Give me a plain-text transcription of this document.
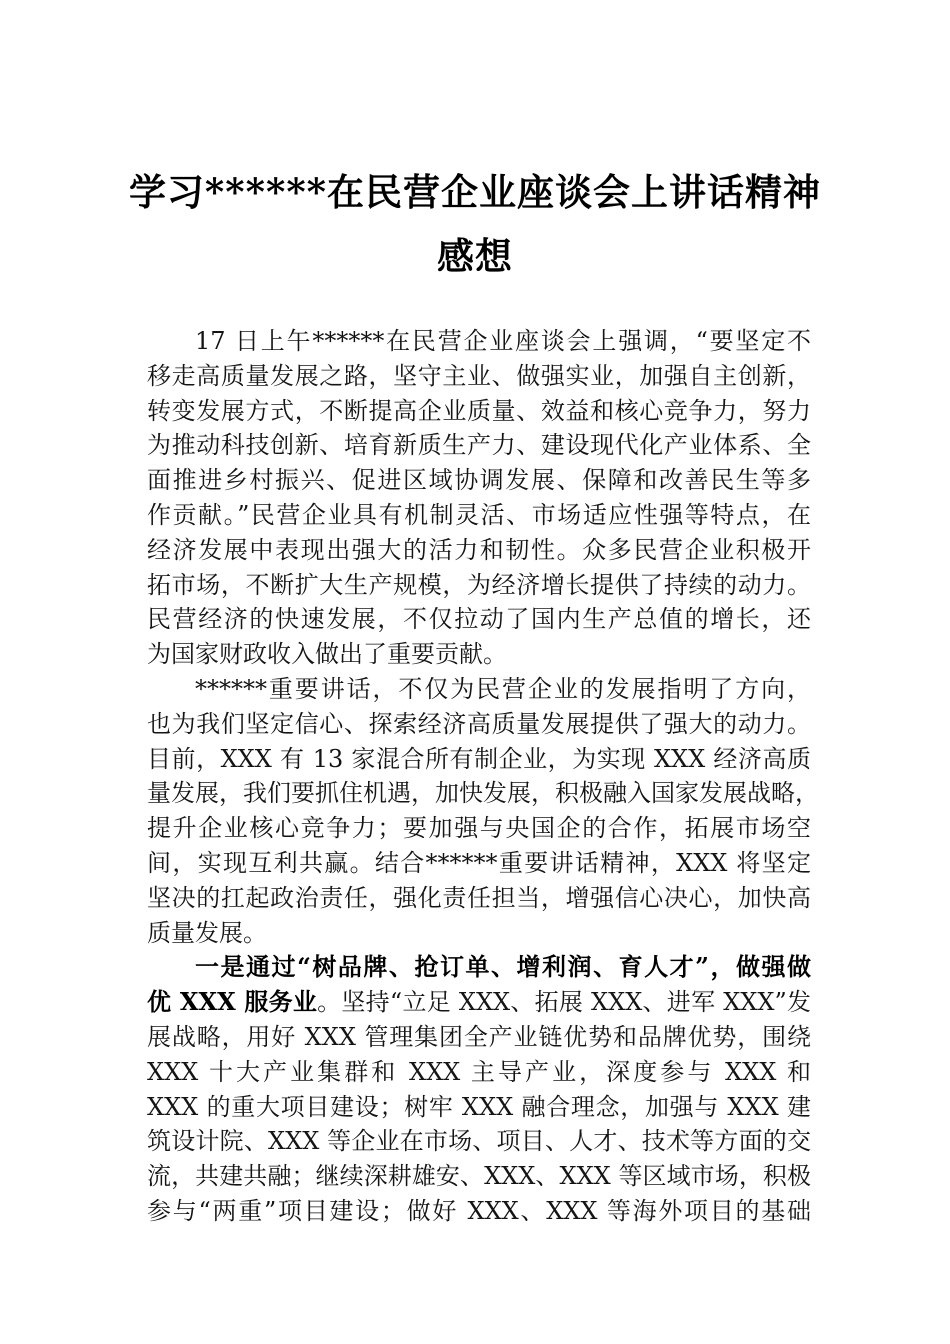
学习******在民营企业座谈会上讲话精神
感想
17 日上午******在民营企业座谈会上强调，“要坚定不
移走高质量发展之路，坚守主业、做强实业，加强自主创新，
转变发展方式，不断提高企业质量、效益和核心竞争力，努力
为推动科技创新、培育新质生产力、建设现代化产业体系、全
面推进乡村振兴、促进区域协调发展、保障和改善民生等多
作贡献。”民营企业具有机制灵活、市场适应性强等特点，在
经济发展中表现出强大的活力和韧性。众多民营企业积极开
拓市场，不断扩大生产规模，为经济增长提供了持续的动力。
民营经济的快速发展，不仅拉动了国内生产总值的增长，还
为国家财政收入做出了重要贡献。
******重要讲话，不仅为民营企业的发展指明了方向，
也为我们坚定信心、探索经济高质量发展提供了强大的动力。
目前，XXX 有 13 家混合所有制企业，为实现 XXX 经济高质
量发展，我们要抓住机遇，加快发展，积极融入国家发展战略，
提升企业核心竞争力；要加强与央国企的合作，拓展市场空
间，实现互利共赢。结合******重要讲话精神，XXX 将坚定
坚决的扛起政治责任，强化责任担当，增强信心决心，加快高
质量发展。
一是通过“树品牌、抢订单、增利润、育人才”，做强做
优 XXX 服务业。坚持“立足 XXX、拓展 XXX、进军 XXX”发
展战略，用好 XXX 管理集团全产业链优势和品牌优势，围绕
XXX 十大产业集群和 XXX 主导产业，深度参与 XXX 和
XXX 的重大项目建设；树牢 XXX 融合理念，加强与 XXX 建
筑设计院、XXX 等企业在市场、项目、人才、技术等方面的交
流，共建共融；继续深耕雄安、XXX、XXX 等区域市场，积极
参与“两重”项目建设；做好 XXX、XXX 等海外项目的基础
